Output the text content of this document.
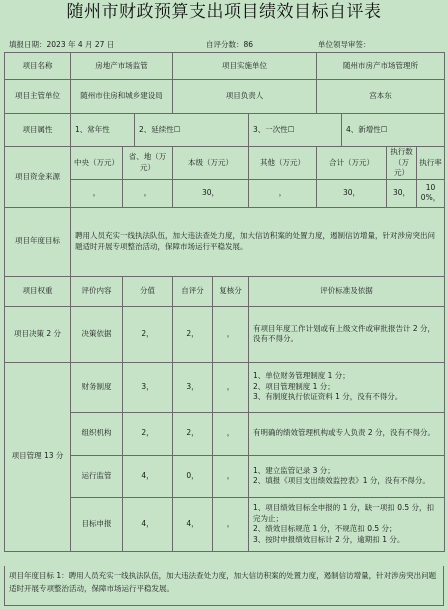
随州市财政预算支出项目绩效目标自评表
填报日期：2023 年 4 月 27 日	自评分数：86	单位领导审签：
项目名称	房地产市场监管			项目实施单位			随州市房产市场管理所			
项目主管单位	随州市住房和城乡建设局			项目负责人			宫本东			
项目属性	1、常年性		2、延续性☐			3、一次性☐		4、新增性☐		
项目资金来源	中央（万元）	省、地（万元）		本级（万元）		其他（万元）	合计（万元）		执行数（万元）	执行率
	，	，		30，		，	30，		30，	100%，
项目年度目标	聘用人员充实一线执法队伍，加大违法查处力度，加大信访积案的处置力度，遏制信访增量，针对涉房突出问题适时开展专项整治活动，保障市场运行平稳发展。									
项目权重	评价内容	分值		自评分	复核分	评价标准及依据				
项目决策 2 分	决策依据	2，		2，	，	有项目年度工作计划或有上级文件或审批报告计 2 分，没有不得分。				
项目管理 13 分	财务制度	3，		3，	，	1、单位财务管理制度 1 分；
2、项目管理制度 1 分；
3、有制度执行依证资料 1 分，没有不得分。				
	组织机构	2，		2，	，	有明确的绩效管理机构或专人负责 2 分，没有不得分。				
	运行监管	4，		0，	，	1、建立监管记录 3 分；
2、填报《项目支出绩效监控表》1 分，没有不得分。				
	目标申报	4，		4，	，	1、项目绩效目标全申报的 1 分，缺一项扣 0.5 分，扣完为止；
2、绩效目标规范 1 分，不规范扣 0.5 分；
3、按时申报绩效目标计 2 分，逾期扣 1 分。				
项目年度目标 1：聘用人员充实一线执法队伍，加大违法查处力度，加大信访积案的处置力度，遏制信访增量，针对涉房突出问题适时开展专项整治活动，保障市场运行平稳发展。
